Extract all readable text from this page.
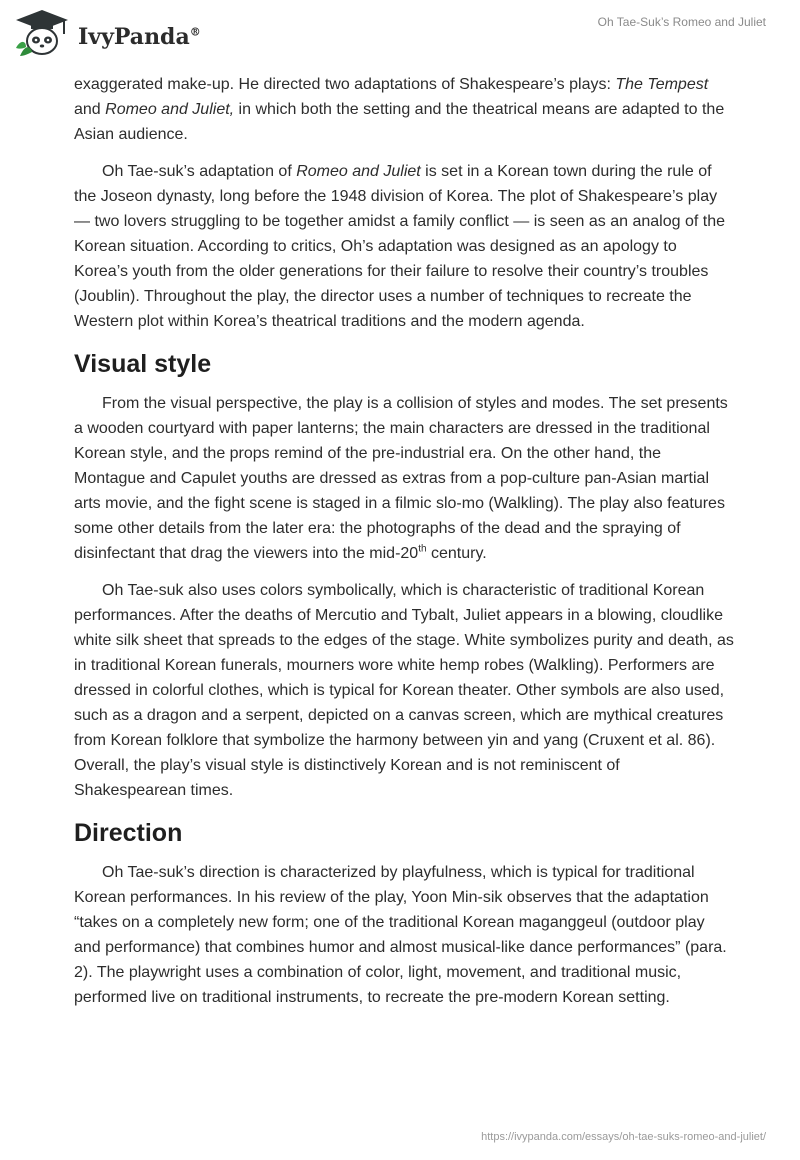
IvyPanda®
Oh Tae-Suk’s Romeo and Juliet

exaggerated make-up. He directed two adaptations of Shakespeare’s plays: The Tempest and Romeo and Juliet, in which both the setting and the theatrical means are adapted to the Asian audience.

Oh Tae-suk’s adaptation of Romeo and Juliet is set in a Korean town during the rule of the Joseon dynasty, long before the 1948 division of Korea. The plot of Shakespeare’s play — two lovers struggling to be together amidst a family conflict — is seen as an analog of the Korean situation. According to critics, Oh’s adaptation was designed as an apology to Korea’s youth from the older generations for their failure to resolve their country’s troubles (Joublin). Throughout the play, the director uses a number of techniques to recreate the Western plot within Korea’s theatrical traditions and the modern agenda.

Visual style

From the visual perspective, the play is a collision of styles and modes. The set presents a wooden courtyard with paper lanterns; the main characters are dressed in the traditional Korean style, and the props remind of the pre-industrial era. On the other hand, the Montague and Capulet youths are dressed as extras from a pop-culture pan-Asian martial arts movie, and the fight scene is staged in a filmic slo-mo (Walkling). The play also features some other details from the later era: the photographs of the dead and the spraying of disinfectant that drag the viewers into the mid-20th century.

Oh Tae-suk also uses colors symbolically, which is characteristic of traditional Korean performances. After the deaths of Mercutio and Tybalt, Juliet appears in a blowing, cloudlike white silk sheet that spreads to the edges of the stage. White symbolizes purity and death, as in traditional Korean funerals, mourners wore white hemp robes (Walkling). Performers are dressed in colorful clothes, which is typical for Korean theater. Other symbols are also used, such as a dragon and a serpent, depicted on a canvas screen, which are mythical creatures from Korean folklore that symbolize the harmony between yin and yang (Cruxent et al. 86). Overall, the play’s visual style is distinctively Korean and is not reminiscent of Shakespearean times.

Direction

Oh Tae-suk’s direction is characterized by playfulness, which is typical for traditional Korean performances. In his review of the play, Yoon Min-sik observes that the adaptation “takes on a completely new form; one of the traditional Korean maganggeul (outdoor play and performance) that combines humor and almost musical-like dance performances” (para. 2). The playwright uses a combination of color, light, movement, and traditional music, performed live on traditional instruments, to recreate the pre-modern Korean setting.

https://ivypanda.com/essays/oh-tae-suks-romeo-and-juliet/
